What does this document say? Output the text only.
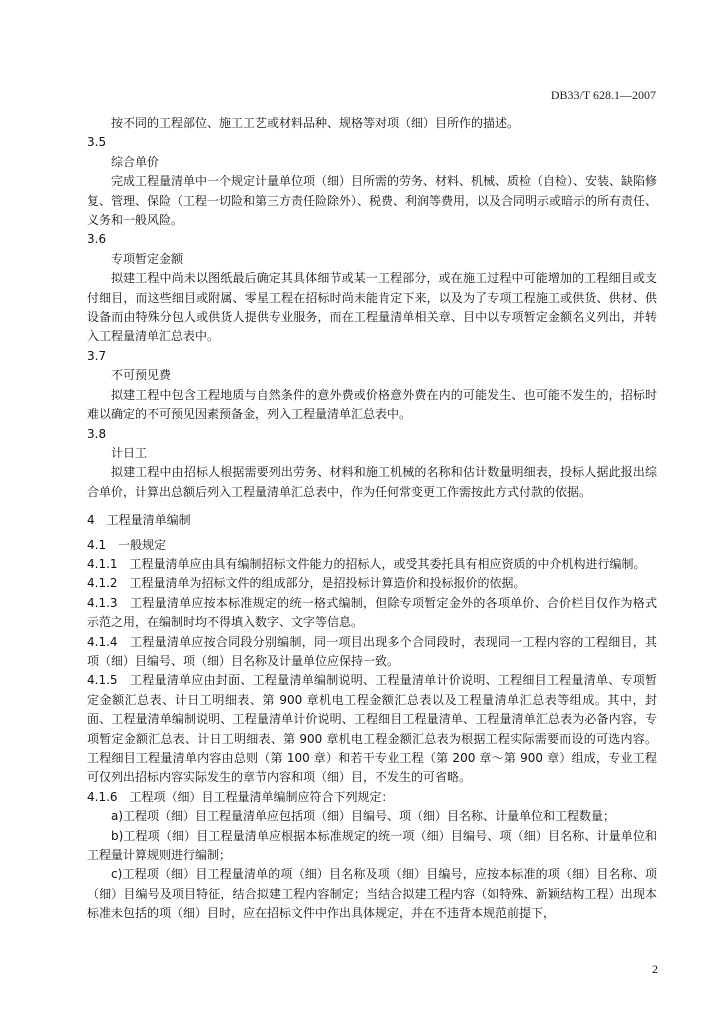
DB33/T 628.1—2007

按不同的工程部位、施工工艺或材料品种、规格等对项（细）目所作的描述。

3.5

综合单价

完成工程量清单中一个规定计量单位项（细）目所需的劳务、材料、机械、质检（自检）、安装、缺陷修复、管理、保险（工程一切险和第三方责任险除外）、税费、利润等费用，以及合同明示或暗示的所有责任、义务和一般风险。

3.6

专项暂定金额

拟建工程中尚未以图纸最后确定其具体细节或某一工程部分，或在施工过程中可能增加的工程细目或支付细目，而这些细目或附属、零星工程在招标时尚未能肯定下来，以及为了专项工程施工或供货、供材、供设备而由特殊分包人或供货人提供专业服务，而在工程量清单相关章、目中以专项暂定金额名义列出，并转入工程量清单汇总表中。

3.7

不可预见费

拟建工程中包含工程地质与自然条件的意外费或价格意外费在内的可能发生、也可能不发生的，招标时难以确定的不可预见因素预备金，列入工程量清单汇总表中。

3.8

计日工

拟建工程中由招标人根据需要列出劳务、材料和施工机械的名称和估计数量明细表，投标人据此报出综合单价，计算出总额后列入工程量清单汇总表中，作为任何常变更工作需按此方式付款的依据。

4　工程量清单编制

4.1　一般规定

4.1.1　工程量清单应由具有编制招标文件能力的招标人，或受其委托具有相应资质的中介机构进行编制。

4.1.2　工程量清单为招标文件的组成部分，是招投标计算造价和投标报价的依据。

4.1.3　工程量清单应按本标准规定的统一格式编制，但除专项暂定金外的各项单价、合价栏目仅作为格式示范之用，在编制时均不得填入数字、文字等信息。

4.1.4　工程量清单应按合同段分别编制，同一项目出现多个合同段时，表现同一工程内容的工程细目，其项（细）目编号、项（细）目名称及计量单位应保持一致。

4.1.5　工程量清单应由封面、工程量清单编制说明、工程量清单计价说明、工程细目工程量清单、专项暂定金额汇总表、计日工明细表、第 900 章机电工程金额汇总表以及工程量清单汇总表等组成。其中，封面、工程量清单编制说明、工程量清单计价说明、工程细目工程量清单、工程量清单汇总表为必备内容，专项暂定金额汇总表、计日工明细表、第 900 章机电工程金额汇总表为根据工程实际需要而设的可选内容。工程细目工程量清单内容由总则（第 100 章）和若干专业工程（第 200 章～第 900 章）组成，专业工程可仅列出招标内容实际发生的章节内容和项（细）目，不发生的可省略。

4.1.6　工程项（细）目工程量清单编制应符合下列规定：

a)工程项（细）目工程量清单应包括项（细）目编号、项（细）目名称、计量单位和工程数量；

b)工程项（细）目工程量清单应根据本标准规定的统一项（细）目编号、项（细）目名称、计量单位和工程量计算规则进行编制；

c)工程项（细）目工程量清单的项（细）目名称及项（细）目编号，应按本标准的项（细）目名称、项（细）目编号及项目特征，结合拟建工程内容制定；当结合拟建工程内容（如特殊、新颖结构工程）出现本标准未包括的项（细）目时，应在招标文件中作出具体规定，并在不违背本规范前提下，

2
